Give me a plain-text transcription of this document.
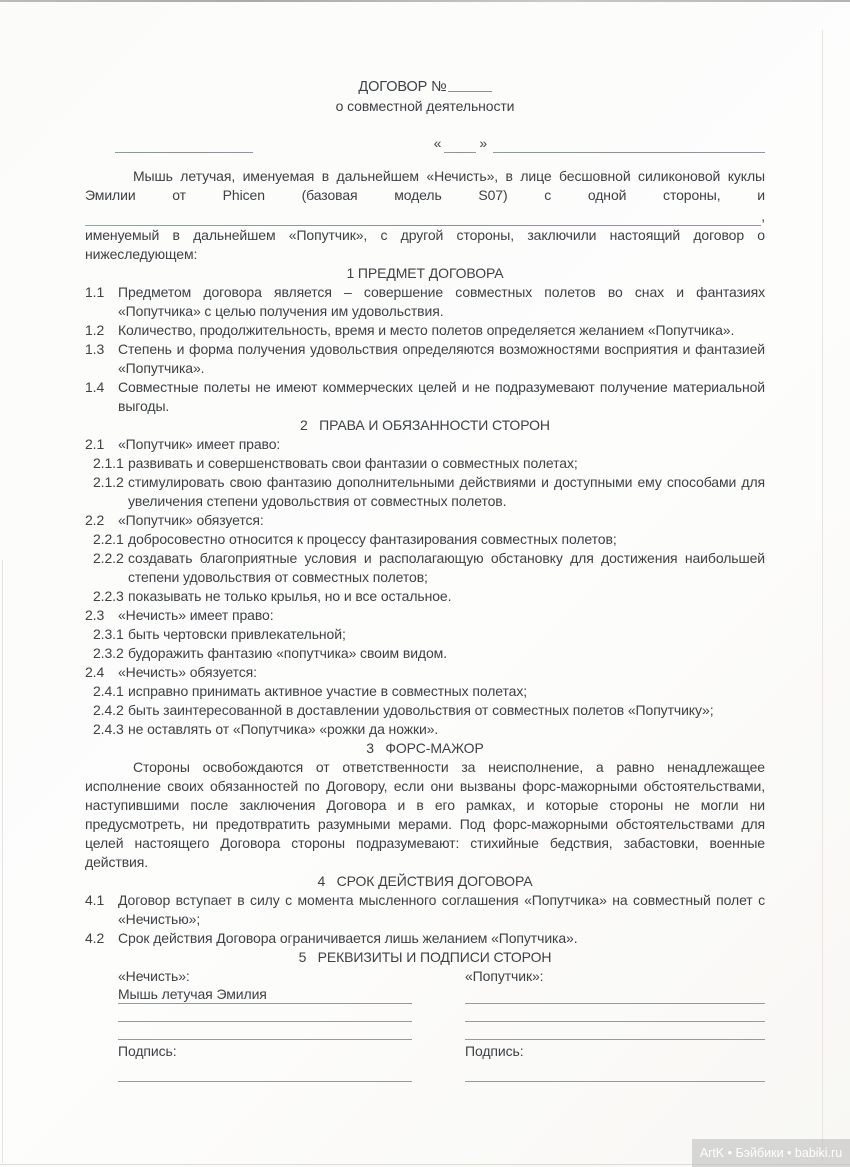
ДОГОВОР №
о совместной деятельности
«	»

Мышь летучая, именуемая в дальнейшем «Нечисть», в лице бесшовной силиконовой куклы Эмилии от Phicen (базовая модель S07) с одной стороны, и

,

именуемый в дальнейшем «Попутчик», с другой стороны, заключили настоящий договор о нижеследующем:

1 ПРЕДМЕТ ДОГОВОРА
1.1 Предметом договора является – совершение совместных полетов во снах и фантазиях «Попутчика» с целью получения им удовольствия.
1.2 Количество, продолжительность, время и место полетов определяется желанием «Попутчика».
1.3 Степень и форма получения удовольствия определяются возможностями восприятия и фантазией «Попутчика».
1.4 Совместные полеты не имеют коммерческих целей и не подразумевают получение материальной выгоды.
2   ПРАВА И ОБЯЗАННОСТИ СТОРОН
2.1 «Попутчик» имеет право:
2.1.1 развивать и совершенствовать свои фантазии о совместных полетах;
2.1.2 стимулировать свою фантазию дополнительными действиями и доступными ему способами для увеличения степени удовольствия от совместных полетов.
2.2 «Попутчик» обязуется:
2.2.1 добросовестно относится к процессу фантазирования совместных полетов;
2.2.2 создавать благоприятные условия и располагающую обстановку для достижения наибольшей степени удовольствия от совместных полетов;
2.2.3 показывать не только крылья, но и все остальное.
2.3 «Нечисть» имеет право:
2.3.1 быть чертовски привлекательной;
2.3.2 будоражить фантазию «попутчика» своим видом.
2.4 «Нечисть» обязуется:
2.4.1 исправно принимать активное участие в совместных полетах;
2.4.2 быть заинтересованной в доставлении удовольствия от совместных полетов «Попутчику»;
2.4.3 не оставлять от «Попутчика» «рожки да ножки».
3   ФОРС-МАЖОР

Стороны освобождаются от ответственности за неисполнение, а равно ненадлежащее исполнение своих обязанностей по Договору, если они вызваны форс-мажорными обстоятельствами, наступившими после заключения Договора и в его рамках, и которые стороны не могли ни предусмотреть, ни предотвратить разумными мерами. Под форс-мажорными обстоятельствами для целей настоящего Договора стороны подразумевают: стихийные бедствия, забастовки, военные действия.

4   СРОК ДЕЙСТВИЯ ДОГОВОРА
4.1 Договор вступает в силу с момента мысленного соглашения «Попутчика» на совместный полет с «Нечистью»;
4.2 Срок действия Договора ограничивается лишь желанием «Попутчика».
5   РЕКВИЗИТЫ И ПОДПИСИ СТОРОН
«Нечисть»:
Мышь летучая Эмилия
Подпись:
«Попутчик»:
Подпись:
ArtK • Бэйбики • babiki.ru
